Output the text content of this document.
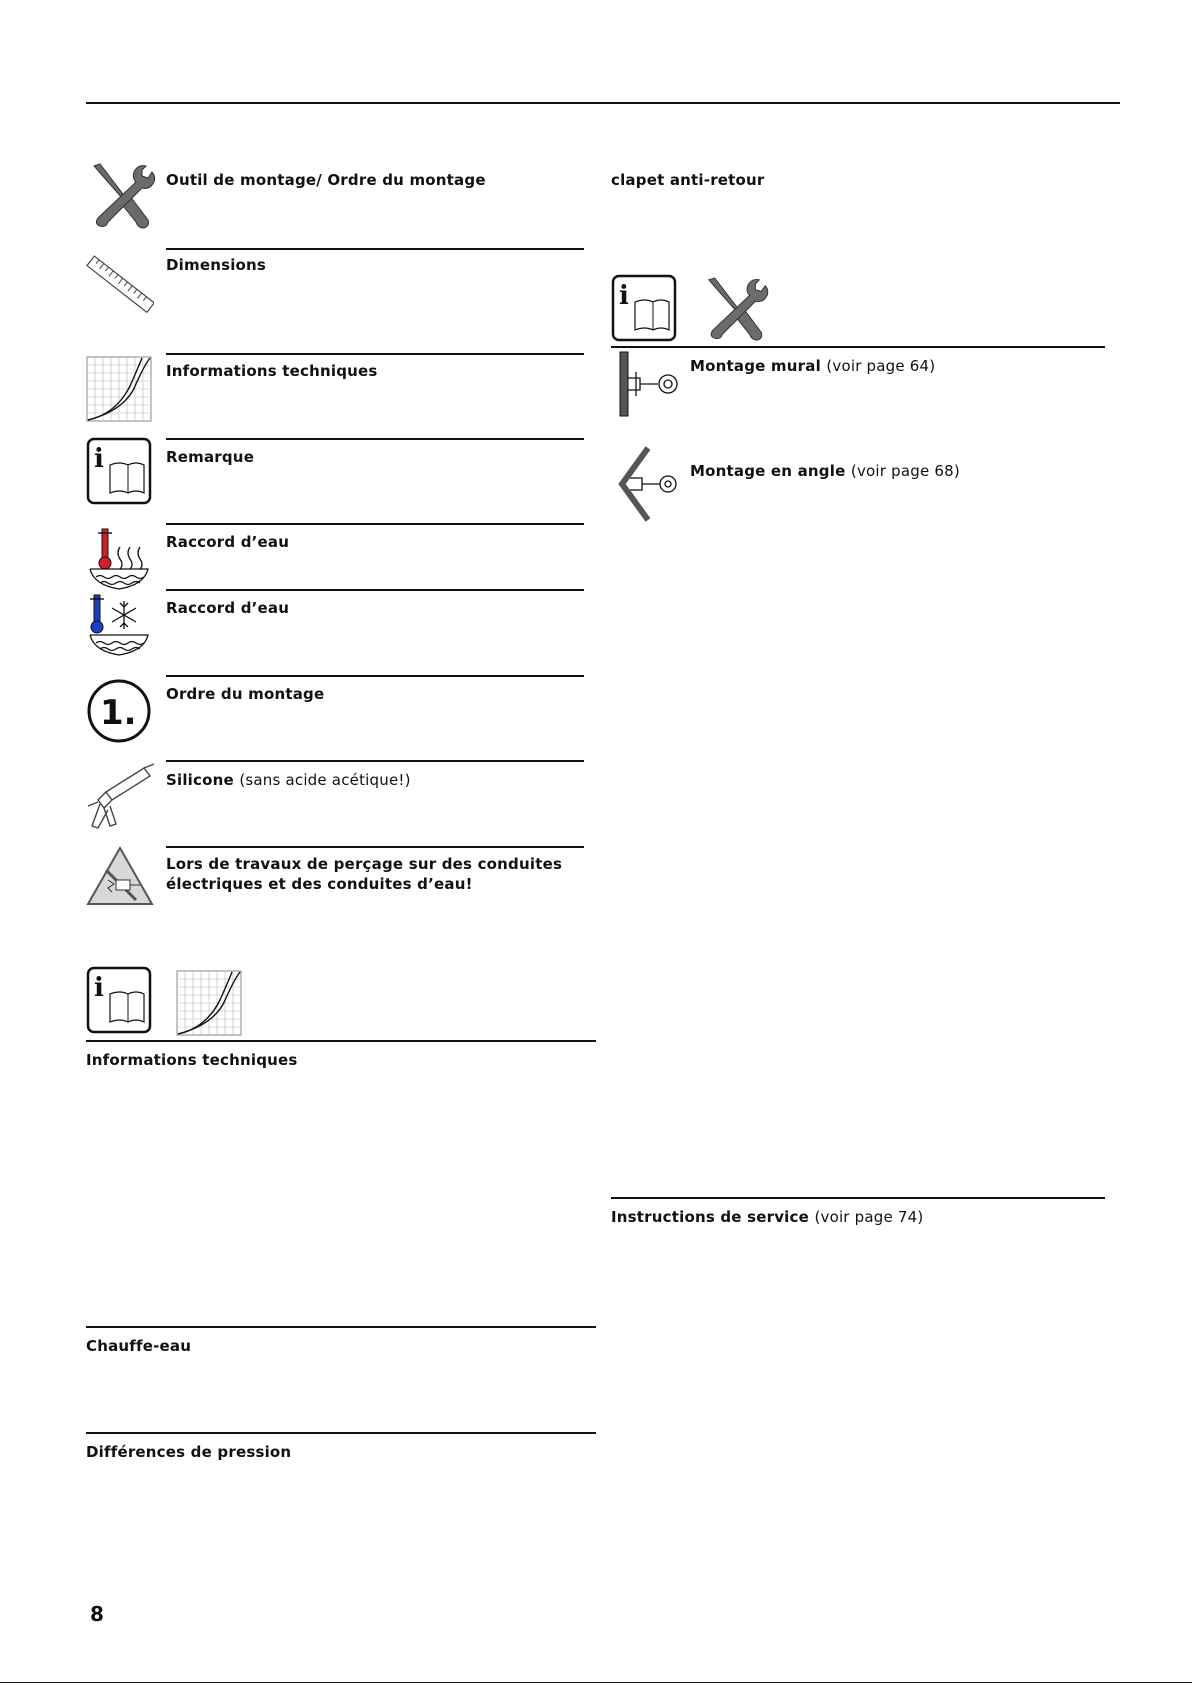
Outil de montage/ Ordre du montage

Dimensions

Informations techniques

i	Remarque

Raccord d’eau

Raccord d’eau

1. Ordre du montage

Silicone (sans acide acétique!)

Lors de travaux de perçage sur des conduites électriques et des conduites d’eau!

i

Informations techniques

Chauffe-eau

Différences de pression

8

clapet anti-retour

i

Montage mural (voir page 64)

Montage en angle (voir page 68)

Instructions de service (voir page 74)
